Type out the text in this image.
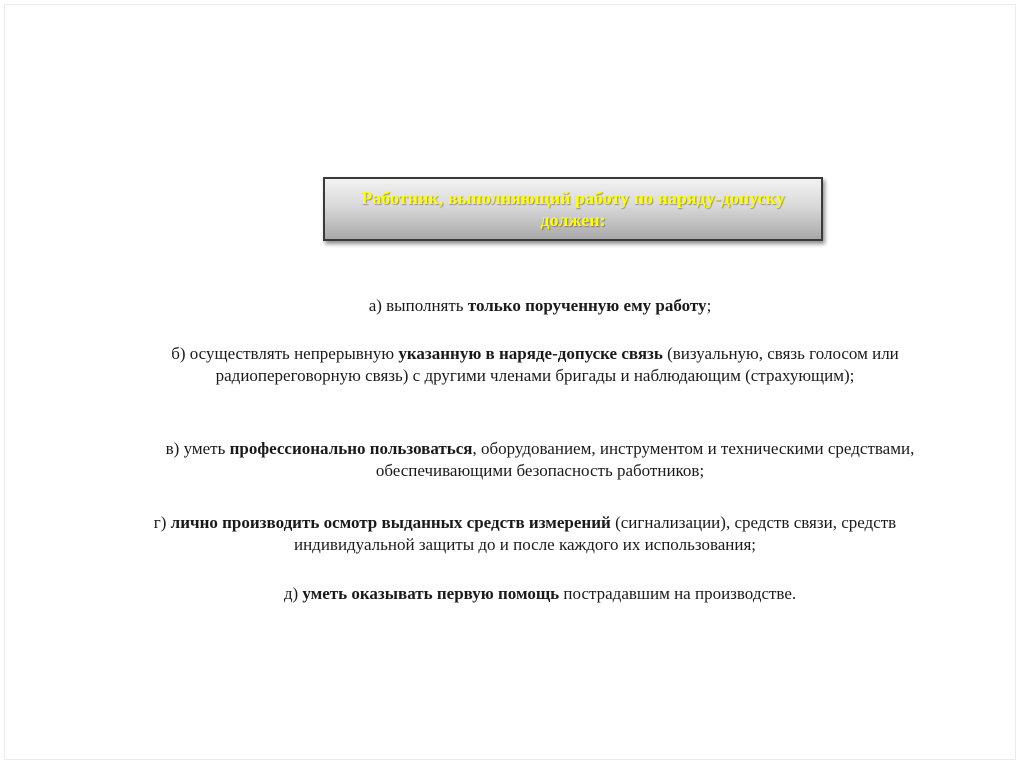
Работник, выполняющий работу по наряду-допуску должен:

а) выполнять только порученную ему работу;

б) осуществлять непрерывную указанную в наряде-допуске связь (визуальную, связь голосом или радиопереговорную связь) с другими членами бригады и наблюдающим (страхующим);

в) уметь профессионально пользоваться, оборудованием, инструментом и техническими средствами, обеспечивающими безопасность работников;

г) лично производить осмотр выданных средств измерений (сигнализации), средств связи, средств индивидуальной защиты до и после каждого их использования;

д) уметь оказывать первую помощь пострадавшим на производстве.
